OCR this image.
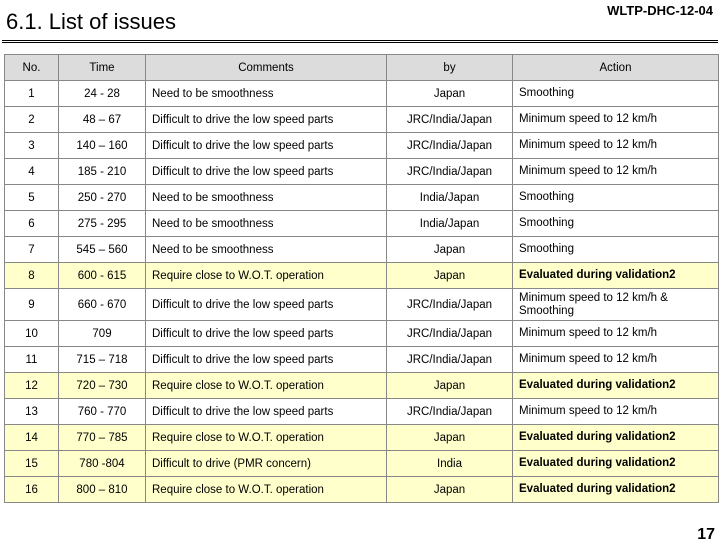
WLTP-DHC-12-04
6.1. List of issues
No.	Time	Comments	by	Action
1	24 - 28	Need to be smoothness	Japan	Smoothing
2	48 – 67	Difficult to drive the low speed parts	JRC/India/Japan	Minimum speed to 12 km/h
3	140 – 160	Difficult to drive the low speed parts	JRC/India/Japan	Minimum speed to 12 km/h
4	185 - 210	Difficult to drive the low speed parts	JRC/India/Japan	Minimum speed to 12 km/h
5	250 - 270	Need to be smoothness	India/Japan	Smoothing
6	275 - 295	Need to be smoothness	India/Japan	Smoothing
7	545 – 560	Need to be smoothness	Japan	Smoothing
8	600 - 615	Require close to W.O.T. operation	Japan	Evaluated during validation2
9	660 - 670	Difficult to drive the low speed parts	JRC/India/Japan	Minimum speed to 12 km/h & Smoothing
10	709	Difficult to drive the low speed parts	JRC/India/Japan	Minimum speed to 12 km/h
11	715 – 718	Difficult to drive the low speed parts	JRC/India/Japan	Minimum speed to 12 km/h
12	720 – 730	Require close to W.O.T. operation	Japan	Evaluated during validation2
13	760 - 770	Difficult to drive the low speed parts	JRC/India/Japan	Minimum speed to 12 km/h
14	770 – 785	Require close to W.O.T. operation	Japan	Evaluated during validation2
15	780 -804	Difficult to drive (PMR concern)	India	Evaluated during validation2
16	800 – 810	Require close to W.O.T. operation	Japan	Evaluated during validation2
17
